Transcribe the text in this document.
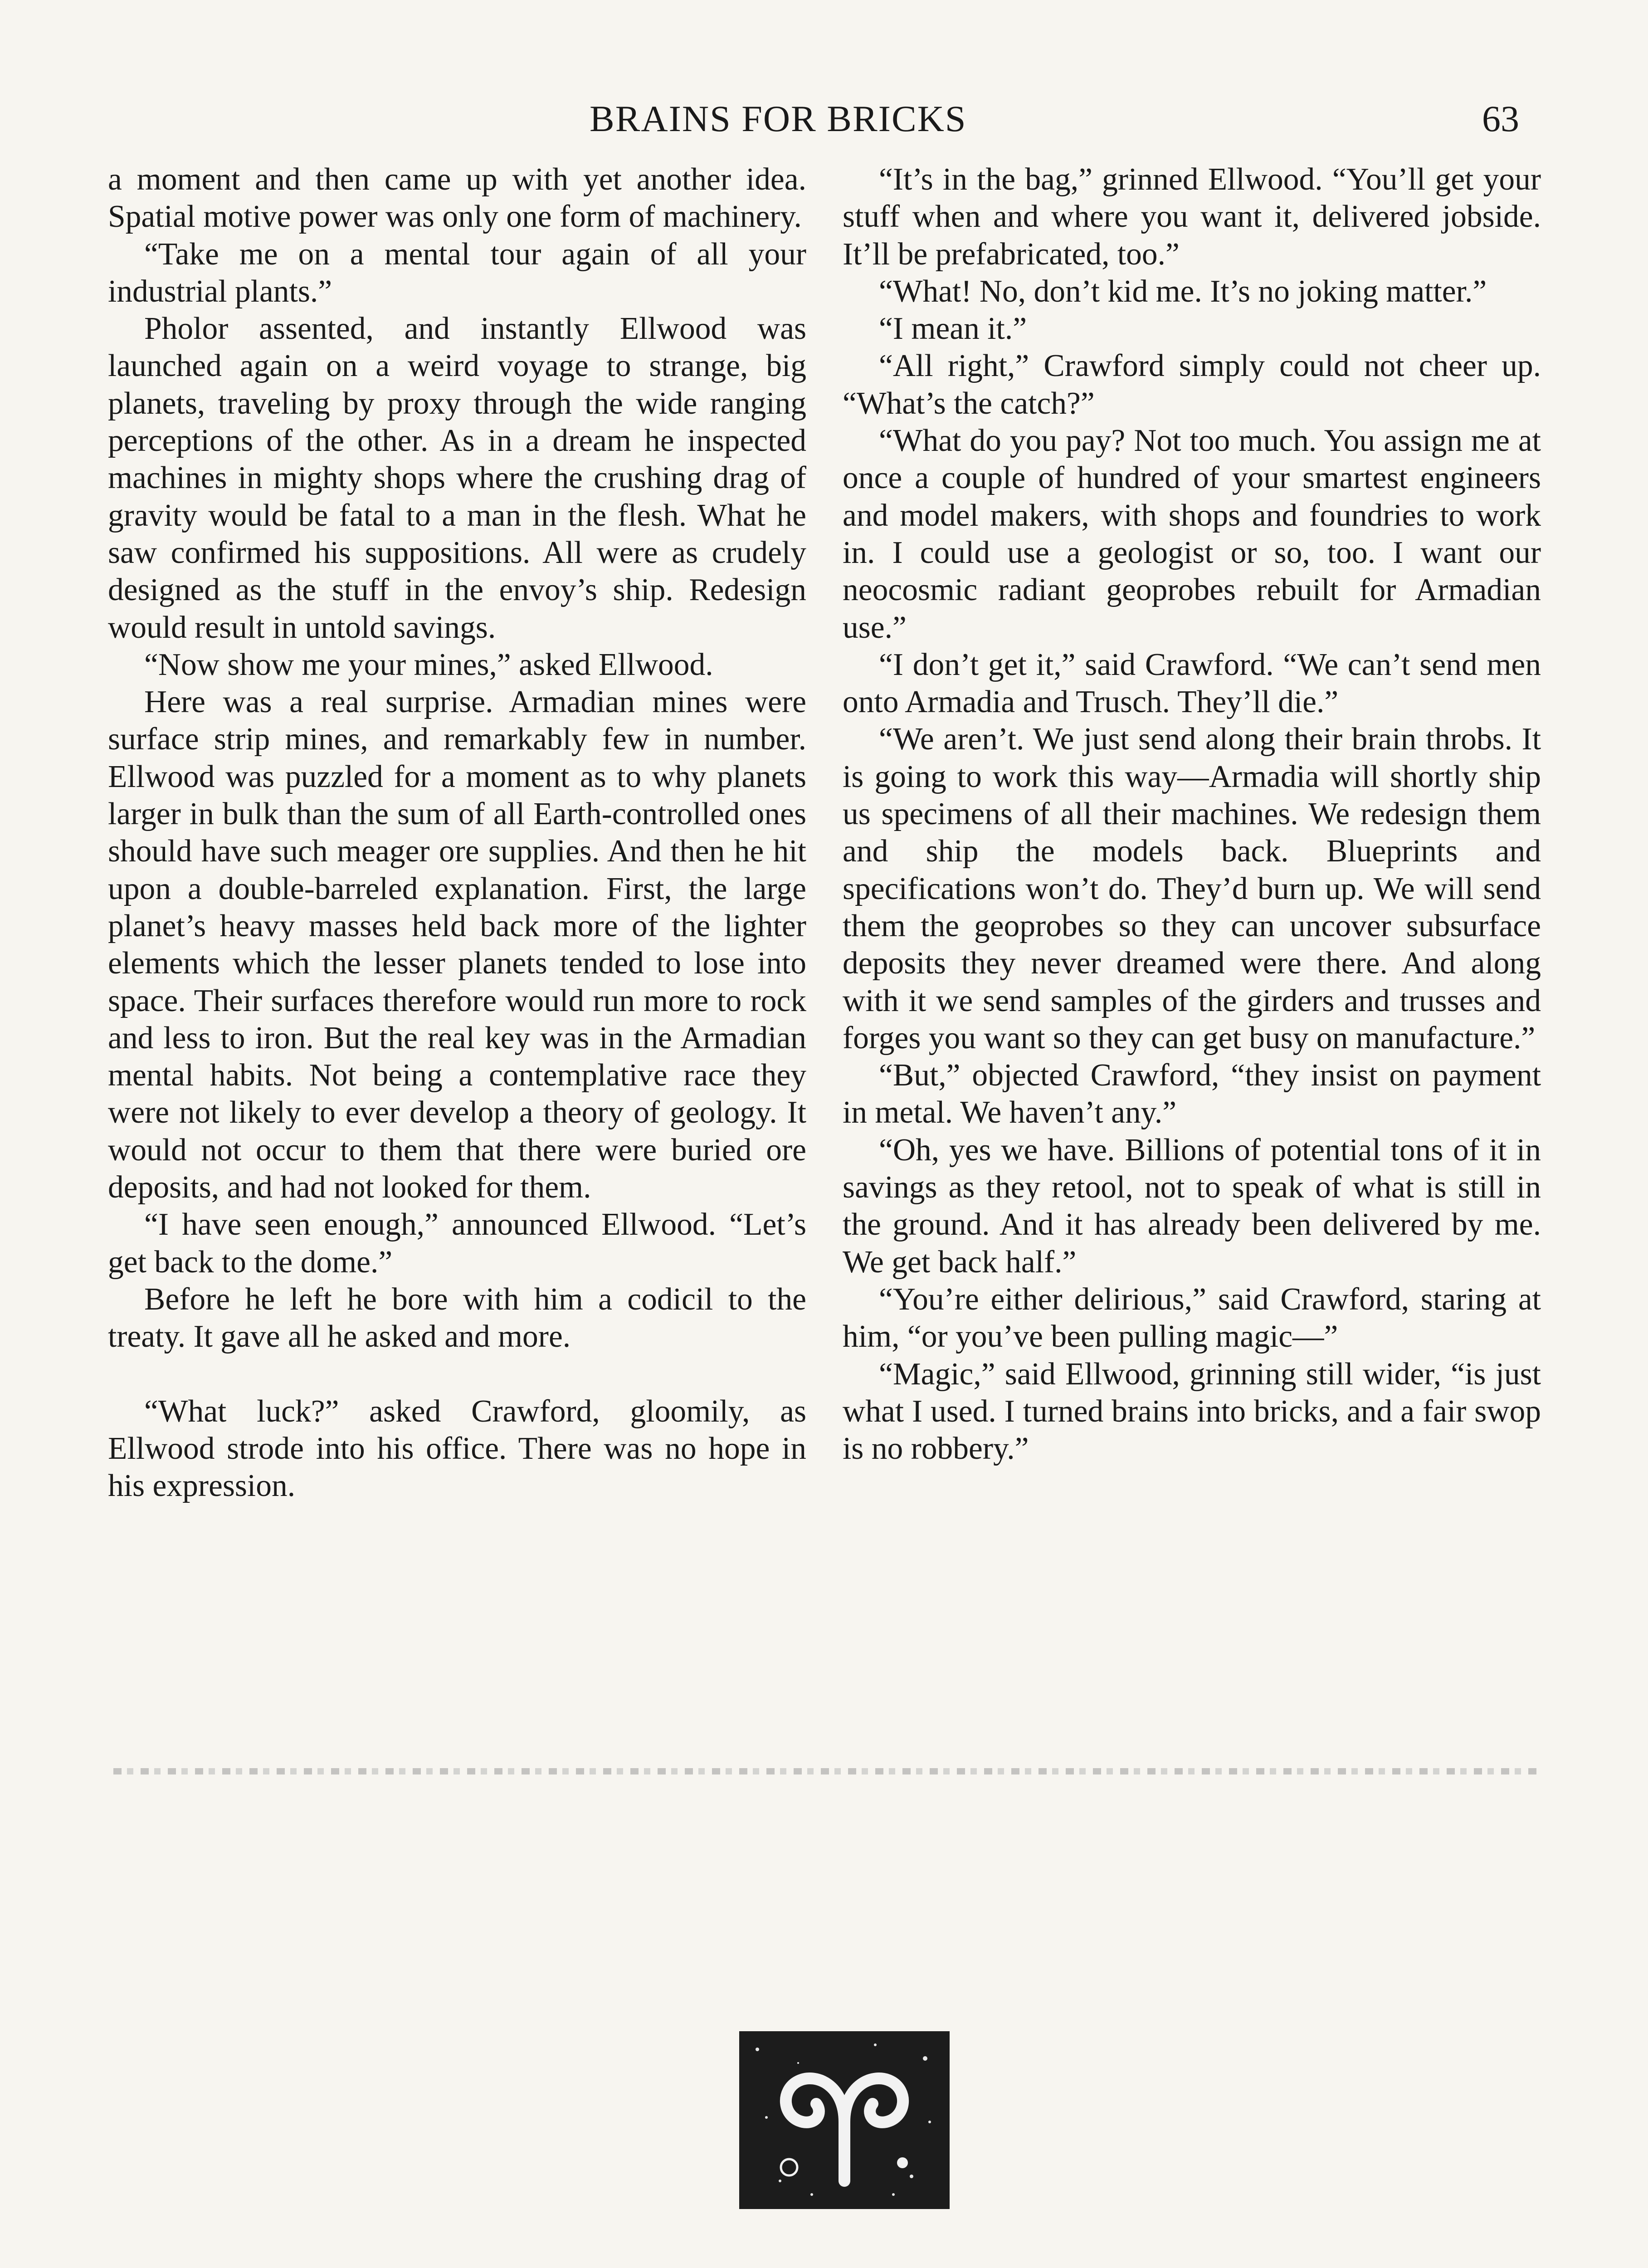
BRAINS FOR BRICKS	63

a moment and then came up with yet another idea. Spatial motive power was only one form of machinery.

“Take me on a mental tour again of all your industrial plants.”

Pholor assented, and instantly Ellwood was launched again on a weird voyage to strange, big planets, traveling by proxy through the wide ranging perceptions of the other. As in a dream he inspected machines in mighty shops where the crushing drag of gravity would be fatal to a man in the flesh. What he saw confirmed his suppositions. All were as crudely designed as the stuff in the envoy’s ship. Redesign would result in untold savings.

“Now show me your mines,” asked Ellwood.

Here was a real surprise. Armadian mines were surface strip mines, and remarkably few in number. Ellwood was puzzled for a moment as to why planets larger in bulk than the sum of all Earth-controlled ones should have such meager ore supplies. And then he hit upon a double-barreled explanation. First, the large planet’s heavy masses held back more of the lighter elements which the lesser planets tended to lose into space. Their surfaces therefore would run more to rock and less to iron. But the real key was in the Armadian mental habits. Not being a contemplative race they were not likely to ever develop a theory of geology. It would not occur to them that there were buried ore deposits, and had not looked for them.

“I have seen enough,” announced Ellwood. “Let’s get back to the dome.”

Before he left he bore with him a codicil to the treaty. It gave all he asked and more.

“What luck?” asked Crawford, gloomily, as Ellwood strode into his office. There was no hope in his expression.

“It’s in the bag,” grinned Ellwood. “You’ll get your stuff when and where you want it, delivered jobside. It’ll be prefabricated, too.”

“What! No, don’t kid me. It’s no joking matter.”

“I mean it.”

“All right,” Crawford simply could not cheer up. “What’s the catch?”

“What do you pay? Not too much. You assign me at once a couple of hundred of your smartest engineers and model makers, with shops and foundries to work in. I could use a geologist or so, too. I want our neocosmic radiant geoprobes rebuilt for Armadian use.”

“I don’t get it,” said Crawford. “We can’t send men onto Armadia and Trusch. They’ll die.”

“We aren’t. We just send along their brain throbs. It is going to work this way—Armadia will shortly ship us specimens of all their machines. We redesign them and ship the models back. Blueprints and specifications won’t do. They’d burn up. We will send them the geoprobes so they can uncover subsurface deposits they never dreamed were there. And along with it we send samples of the girders and trusses and forges you want so they can get busy on manufacture.”

“But,” objected Crawford, “they insist on payment in metal. We haven’t any.”

“Oh, yes we have. Billions of potential tons of it in savings as they retool, not to speak of what is still in the ground. And it has already been delivered by me. We get back half.”

“You’re either delirious,” said Crawford, staring at him, “or you’ve been pulling magic—”

“Magic,” said Ellwood, grinning still wider, “is just what I used. I turned brains into bricks, and a fair swop is no robbery.”
